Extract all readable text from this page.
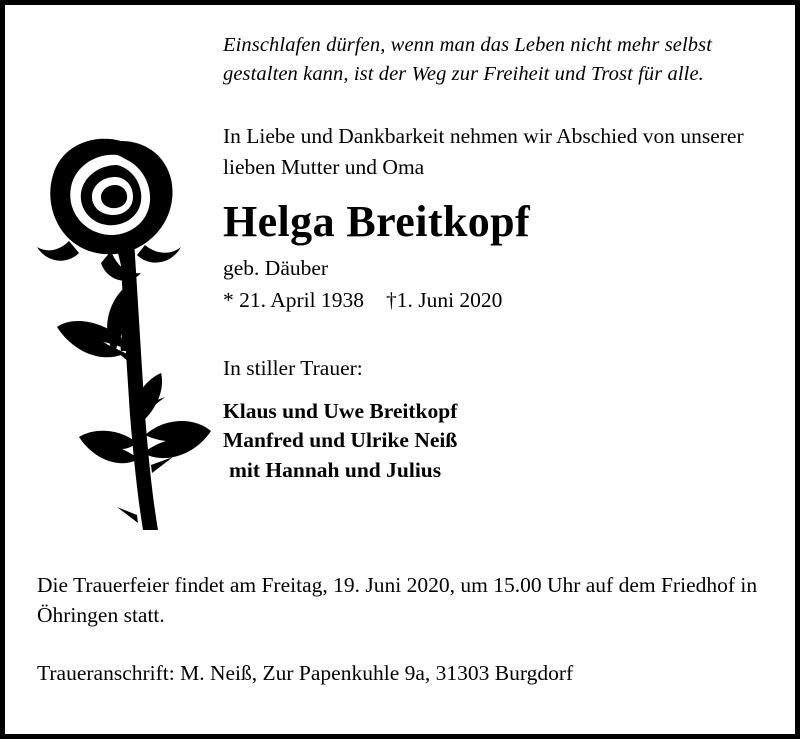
Einschlafen dürfen, wenn man das Leben nicht mehr selbst gestalten kann, ist der Weg zur Freiheit und Trost für alle.

In Liebe und Dankbarkeit nehmen wir Abschied von unserer lieben Mutter und Oma

Helga Breitkopf

geb. Däuber

* 21. April 1938 †1. Juni 2020

In stiller Trauer:

Klaus und Uwe Breitkopf
Manfred und Ulrike Neiß
mit Hannah und Julius

Die Trauerfeier findet am Freitag, 19. Juni 2020, um 15.00 Uhr auf dem Friedhof in Öhringen statt.

Traueranschrift: M. Neiß, Zur Papenkuhle 9a, 31303 Burgdorf
